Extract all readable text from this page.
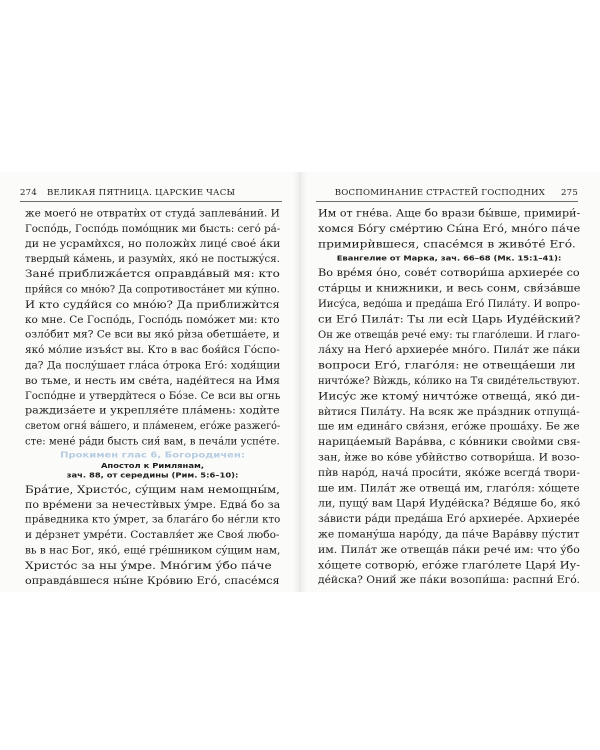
274 ВЕЛИКАЯ ПЯТНИЦА. ЦАРСКИЕ ЧАСЫ
же моегó не отвратѝх от студá заплевáний. И
Госпóдь, Госпóдь помóщник ми бысть: сегó рá-
ди не усрамѝхся, но положѝх лицé своé áки
твердый кáмень, и разумѝх, якó не постыжýся.
Занé приближáется оправдáвый мя: кто
пря́йся со мнóю? Да сопротивостáнет ми кýпно.
И кто судя́йся со мнóю? Да приближѝтся
ко мне. Се Госпóдь, Госпóдь помóжет ми: кто
озлóбит мя? Се вси вы якó рѝза обетшáете, и
якó мóлие изъя́ст вы. Кто в вас боя́йся Гóспо-
да? Да послýшает глáса óтрока Егó: ходя́щии
во тьме, и несть им свéта, надéйтеся на Имя
Госпóдне и утвердѝтеся о Бóзе. Се вси вы огнь
раждизáете и укрепляéте плáмень: ходѝте
светом огня́ вáшего, и плáменем, егóже разжегó-
сте: менé рáди бысть сия́ вам, в печáли успéте.
Прокимен глас 6, Богородичен:
Апостол к Римлянам,
зач. 88, от середины (Рим. 5:6–10):
Брáтие, Христóс, сýщим нам немощны́м,
по врéмени за нечестѝвых ýмре. Едвá бо за
прáведника кто ýмрет, за благáго бо нéгли кто
и дéрзнет умрéти. Составля́ет же Своя́ любо-
вь в нас Бог, якó, ещé грéшником сýщим нам,
Христóс за ны ýмре. Мнóгим ýбо пáче
оправдáвшеся ны́не Крóвию Егó, спасéмся
ВОСПОМИНАНИЕ СТРАСТЕЙ ГОСПОДНИХ 275
Им от гнéва. Аще бо врази бы́вше, примири́-
хомся Бóгу смéртию Сы́на Егó, мнóго пáче
примирѝвшеся, спасéмся в живóтé Егó.
Евангелие от Марка, зач. 66–68 (Мк. 15:1–41):
Во врéмя óно, совéт сотвори́ша архиерéе со
стáрцы и книжники, и весь сонм, свя́зáвше
Иисýса, ведóша и предáша Егó Пилáту. И вопро-
си Егó Пилáт: Ты ли есѝ Царь Иудéйский?
Он же отвещáв речé ему: ты глагóлеши. И глаго-
лáху на Негó архиерéе мнóго. Пилáт же пáки
вопроси Егó, глагóля: не отвещáеши ли
ничтóже? Вѝждь, кóлико на Тя свидéтельствуют.
Иисýс же ктомý ничтóже отвещá, якó ди-
вѝтися Пилáту. На всяк же прáздник отпущá-
ше им единáго свя́зня, егóже прошáху. Бе же
нарицáемый Варáвва, с кóвники своѝми свя-
зан, ѝже во кóве убѝйство сотвори́ша. И возо-
пѝв нарóд, начá проси́ти, якóже всегдá твори-
ше им. Пилáт же отвещá им, глагóля: хóщете
ли, пущý вам Царя́ Иудéйска? Вéдяше бо, якó
зáвисти рáди предáша Егó архиерéе. Архиерéе
же поманýша нарóду, да пáче Варáвву пýстит
им. Пилáт же отвещáв пáки речé им: что ýбо
хóщете сотворю́, егóже глагóлете Царя́ Иу-
дéйска? Оний́ же пáки возопи́ша: распни́ Егó.
